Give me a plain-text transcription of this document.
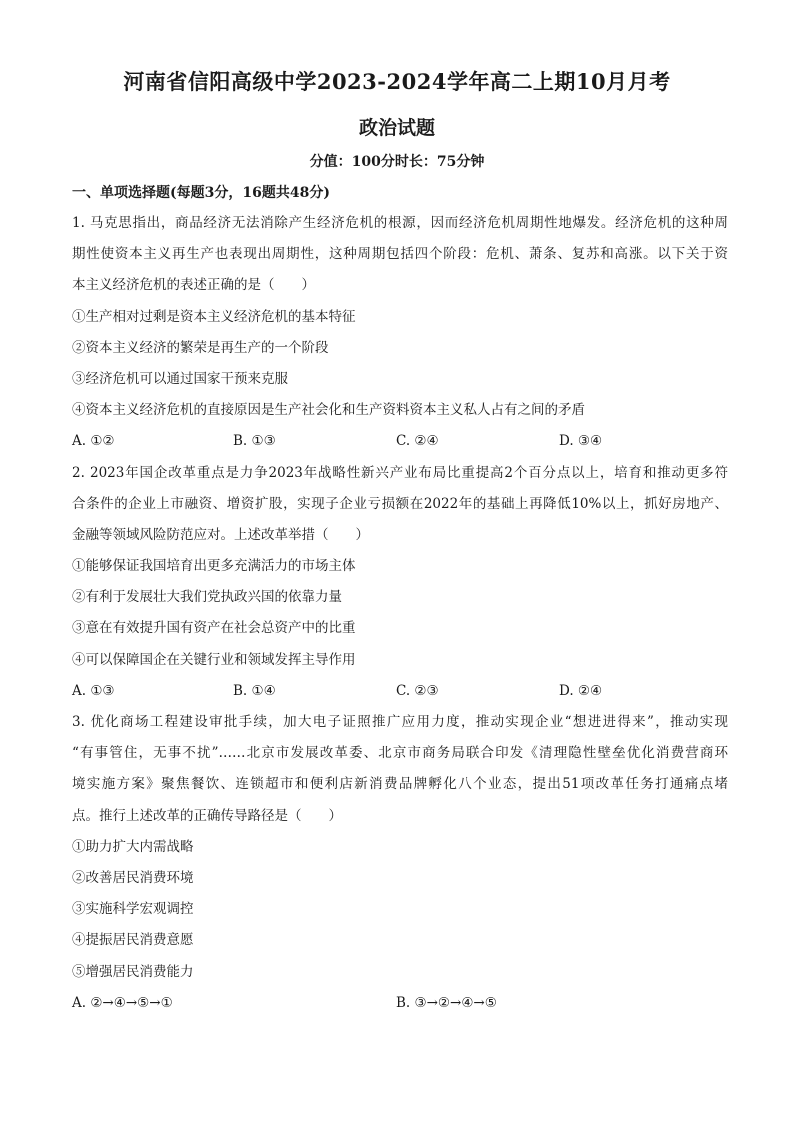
河南省信阳高级中学2023-2024学年高二上期10月月考
政治试题
分值：100分时长：75分钟
一、单项选择题(每题3分，16题共48分)
1. 马克思指出，商品经济无法消除产生经济危机的根源，因而经济危机周期性地爆发。经济危机的这种周
期性使资本主义再生产也表现出周期性，这种周期包括四个阶段：危机、萧条、复苏和高涨。以下关于资
本主义经济危机的表述正确的是（　　）
①生产相对过剩是资本主义经济危机的基本特征
②资本主义经济的繁荣是再生产的一个阶段
③经济危机可以通过国家干预来克服
④资本主义经济危机的直接原因是生产社会化和生产资料资本主义私人占有之间的矛盾
A. ①②	B. ①③	C. ②④	D. ③④
2. 2023年国企改革重点是力争2023年战略性新兴产业布局比重提高2个百分点以上，培育和推动更多符
合条件的企业上市融资、增资扩股，实现子企业亏损额在2022年的基础上再降低10%以上，抓好房地产、
金融等领域风险防范应对。上述改革举措（　　）
①能够保证我国培育出更多充满活力的市场主体
②有利于发展壮大我们党执政兴国的依靠力量
③意在有效提升国有资产在社会总资产中的比重
④可以保障国企在关键行业和领域发挥主导作用
A. ①③	B. ①④	C. ②③	D. ②④
3. 优化商场工程建设审批手续，加大电子证照推广应用力度，推动实现企业“想进进得来”，推动实现
“有事管住，无事不扰”……北京市发展改革委、北京市商务局联合印发《清理隐性壁垒优化消费营商环
境实施方案》聚焦餐饮、连锁超市和便利店新消费品牌孵化八个业态，提出51项改革任务打通痛点堵
点。推行上述改革的正确传导路径是（　　）
①助力扩大内需战略
②改善居民消费环境
③实施科学宏观调控
④提振居民消费意愿
⑤增强居民消费能力
A. ②→④→⑤→①	B. ③→②→④→⑤
